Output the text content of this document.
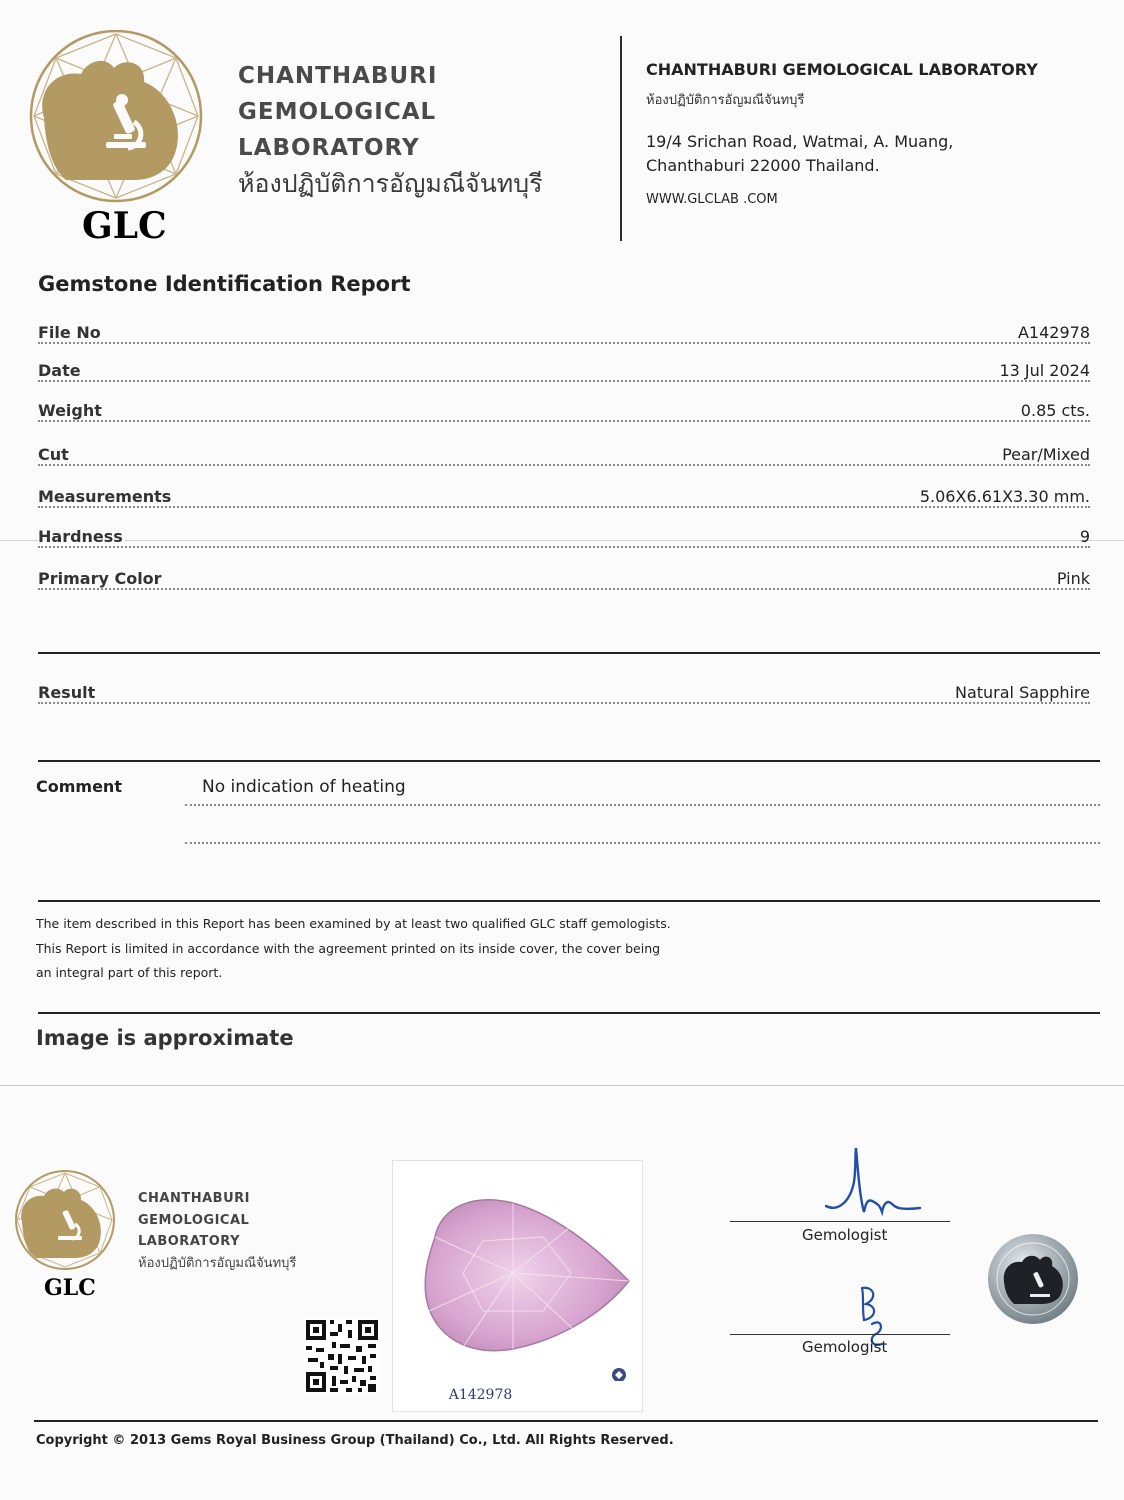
GLC
CHANTHABURI
GEMOLOGICAL
LABORATORY
ห้องปฏิบัติการอัญมณีจันทบุรี
CHANTHABURI GEMOLOGICAL LABORATORY
ห้องปฏิบัติการอัญมณีจันทบุรี
19/4 Srichan Road, Watmai, A. Muang,
Chanthaburi 22000 Thailand.
WWW.GLCLAB .COM
Gemstone Identification Report
File No	A142978
Date	13 Jul 2024
Weight	0.85 cts.
Cut	Pear/Mixed
Measurements	5.06X6.61X3.30 mm.
Hardness	9
Primary Color	Pink
Result	Natural Sapphire
Comment	No indication of heating
The item described in this Report has been examined by at least two qualified GLC staff gemologists.
This Report is limited in accordance with the agreement printed on its inside cover, the cover being
an integral part of this report.
Image is approximate
GLC
CHANTHABURI
GEMOLOGICAL
LABORATORY
ห้องปฏิบัติการอัญมณีจันทบุรี
A142978
Gemologist
Gemologist
Copyright © 2013 Gems Royal Business Group (Thailand) Co., Ltd. All Rights Reserved.
